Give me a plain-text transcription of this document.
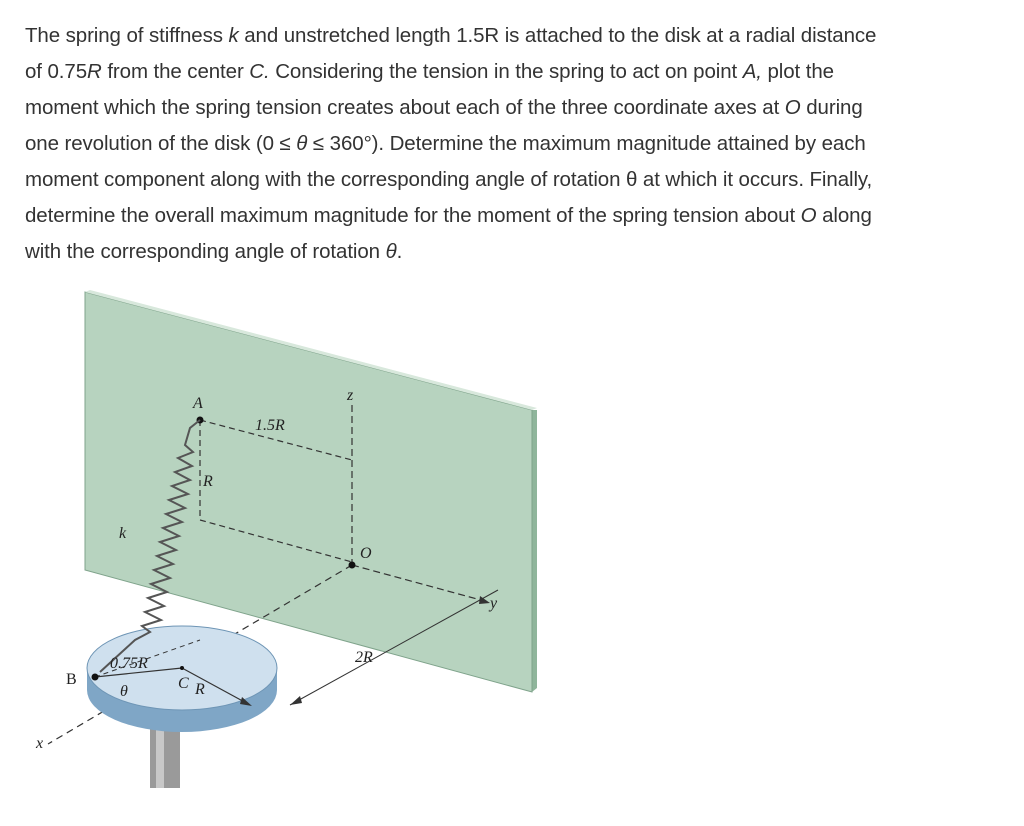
The spring of stiffness k and unstretched length 1.5R is attached to the disk at a radial distance
of 0.75R from the center C. Considering the tension in the spring to act on point A, plot the
moment which the spring tension creates about each of the three coordinate axes at O during
one revolution of the disk (0 ≤ θ ≤ 360°). Determine the maximum magnitude attained by each
moment component along with the corresponding angle of rotation θ at which it occurs. Finally,
determine the overall maximum magnitude for the moment of the spring tension about O along
with the corresponding angle of rotation θ.
A	z
1.5R
R
k
O
y
2R
0.75R
B
θ	C R
x
